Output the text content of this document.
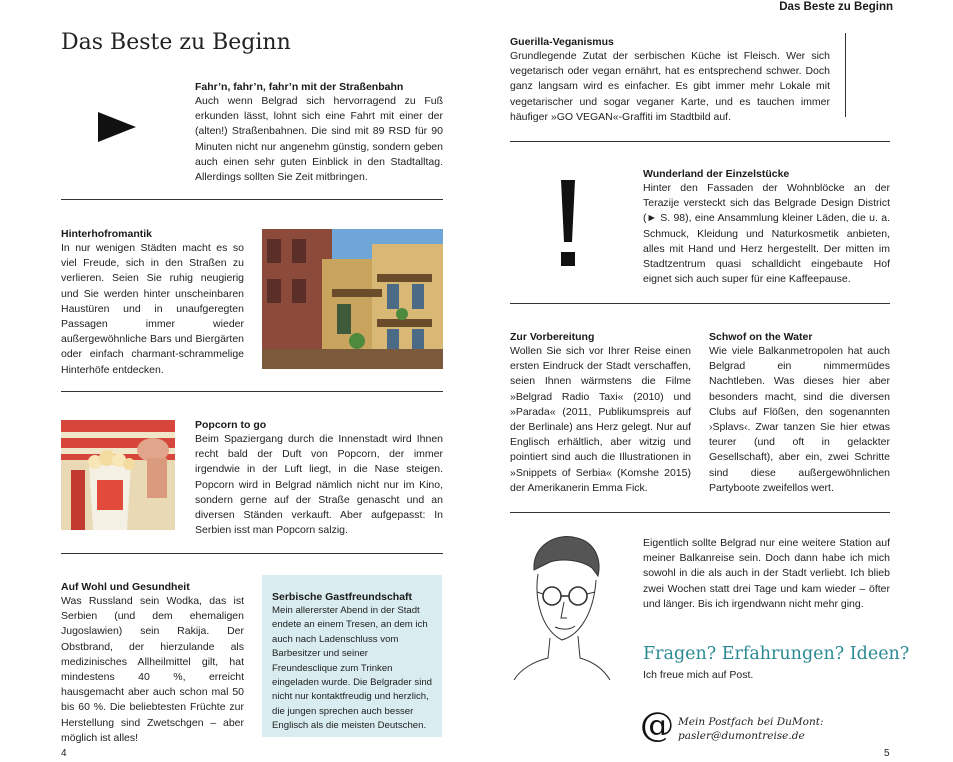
Das Beste zu Beginn
Das Beste zu Beginn
Fahr’n, fahr’n, fahr’n mit der Straßenbahn
Auch wenn Belgrad sich hervorragend zu Fuß erkunden lässt, lohnt sich eine Fahrt mit einer der (alten!) Straßenbahnen. Die sind mit 89 RSD für 90 Minuten nicht nur angenehm günstig, sondern geben auch einen sehr guten Einblick in den Stadtalltag. Allerdings sollten Sie Zeit mitbringen.
Hinterhofromantik
In nur wenigen Städten macht es so viel Freude, sich in den Straßen zu verlieren. Seien Sie ruhig neugierig und Sie werden hinter unscheinbaren Haustüren und in unaufgeregten Passagen immer wieder außergewöhnliche Bars und Biergärten oder einfach charmant-schrammelige Hinterhöfe entdecken.
Popcorn to go
Beim Spaziergang durch die Innenstadt wird Ihnen recht bald der Duft von Popcorn, der immer irgendwie in der Luft liegt, in die Nase steigen. Popcorn wird in Belgrad nämlich nicht nur im Kino, sondern gerne auf der Straße genascht und an diversen Ständen verkauft. Aber aufgepasst: In Serbien isst man Popcorn salzig.
Auf Wohl und Gesundheit
Was Russland sein Wodka, das ist Serbien (und dem ehemaligen Jugoslawien) sein Rakija. Der Obstbrand, der hierzulande als medizinisches Allheilmittel gilt, hat mindestens 40 %, erreicht hausgemacht aber auch schon mal 50 bis 60 %. Die beliebtesten Früchte zur Herstellung sind Zwetschgen – aber möglich ist alles!
Serbische Gastfreundschaft
Mein allererster Abend in der Stadt endete an einem Tresen, an dem ich auch nach Ladenschluss vom Barbesitzer und seiner Freundesclique zum Trinken eingeladen wurde. Die Belgrader sind nicht nur kontaktfreudig und herzlich, die jungen sprechen auch besser Englisch als die meisten Deutschen.
4
Guerilla-Veganismus
Grundlegende Zutat der serbischen Küche ist Fleisch. Wer sich vegetarisch oder vegan ernährt, hat es entsprechend schwer. Doch ganz langsam wird es einfacher. Es gibt immer mehr Lokale mit vegetarischer und sogar veganer Karte, und es tauchen immer häufiger »GO VEGAN«-Graffiti im Stadtbild auf.
Wunderland der Einzelstücke
Hinter den Fassaden der Wohnblöcke an der Terazije versteckt sich das Belgrade Design District (► S. 98), eine Ansammlung kleiner Läden, die u. a. Schmuck, Kleidung und Naturkosmetik anbieten, alles mit Hand und Herz hergestellt. Der mitten im Stadtzentrum quasi schalldicht eingebaute Hof eignet sich auch super für eine Kaffeepause.
Zur Vorbereitung
Wollen Sie sich vor Ihrer Reise einen ersten Eindruck der Stadt verschaffen, seien Ihnen wärmstens die Filme »Belgrad Radio Taxi« (2010) und »Parada« (2011, Publikumspreis auf der Berlinale) ans Herz gelegt. Nur auf Englisch erhältlich, aber witzig und pointiert sind auch die Illustrationen in »Snippets of Serbia« (Komshe 2015) der Amerikanerin Emma Fick.
Schwof on the Water
Wie viele Balkanmetropolen hat auch Belgrad ein nimmermüdes Nachtleben. Was dieses hier aber besonders macht, sind die diversen Clubs auf Flößen, den sogenannten ›Splavs‹. Zwar tanzen Sie hier etwas teurer (und oft in gelackter Gesellschaft), aber ein, zwei Schritte sind diese außergewöhnlichen Partyboote zweifellos wert.
Eigentlich sollte Belgrad nur eine weitere Station auf meiner Balkanreise sein. Doch dann habe ich mich sowohl in die als auch in der Stadt verliebt. Ich blieb zwei Wochen statt drei Tage und kam wieder – öfter und länger. Bis ich irgendwann nicht mehr ging.
Fragen? Erfahrungen? Ideen?
Ich freue mich auf Post.
@ Mein Postfach bei DuMont:
pasler@dumontreise.de
5
